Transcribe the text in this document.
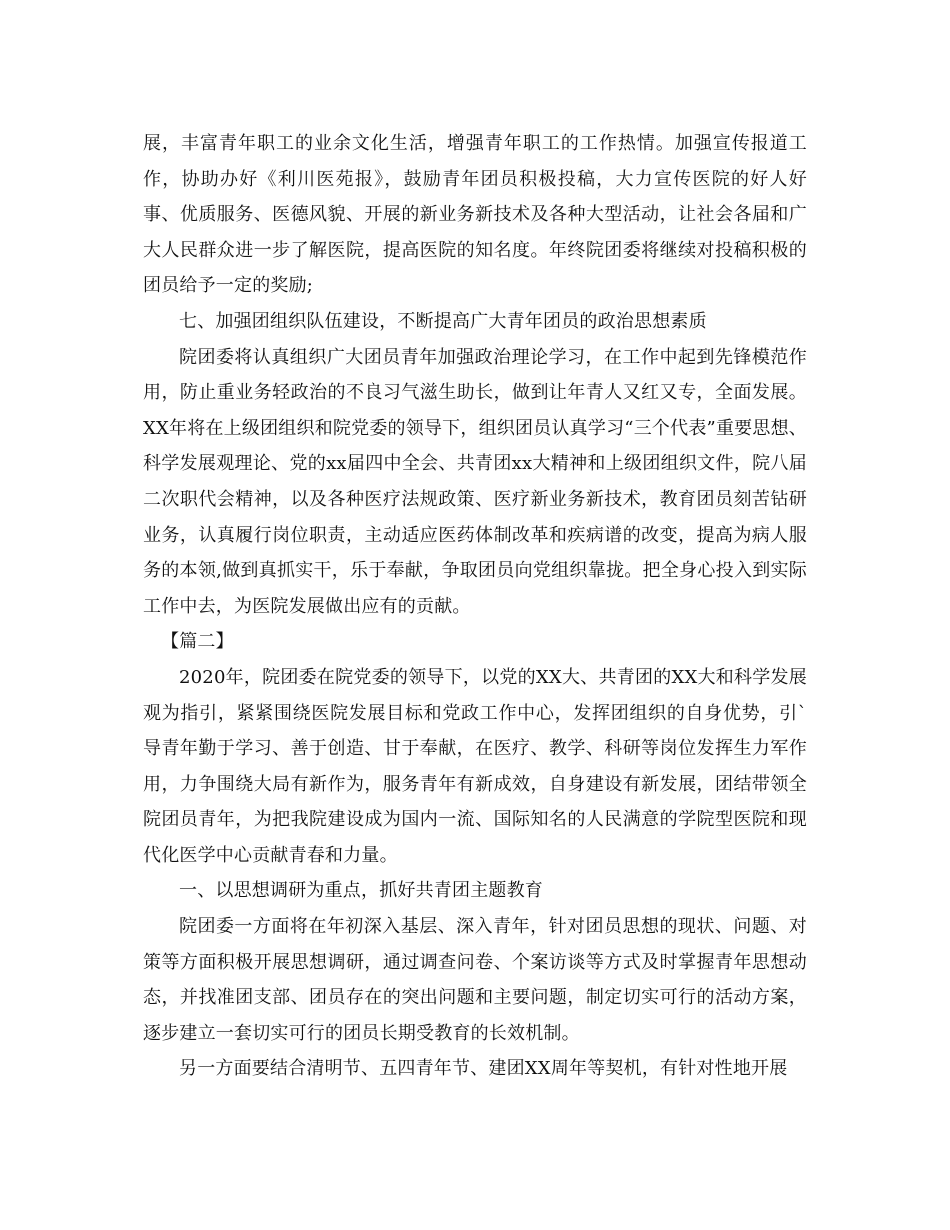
展，丰富青年职工的业余文化生活，增强青年职工的工作热情。加强宣传报道工作，协助办好《利川医苑报》，鼓励青年团员积极投稿，大力宣传医院的好人好事、优质服务、医德风貌、开展的新业务新技术及各种大型活动，让社会各届和广大人民群众进一步了解医院，提高医院的知名度。年终院团委将继续对投稿积极的团员给予一定的奖励;

七、加强团组织队伍建设，不断提高广大青年团员的政治思想素质

院团委将认真组织广大团员青年加强政治理论学习，在工作中起到先锋模范作用，防止重业务轻政治的不良习气滋生助长，做到让年青人又红又专，全面发展。XX年将在上级团组织和院党委的领导下，组织团员认真学习“三个代表”重要思想、科学发展观理论、党的xx届四中全会、共青团xx大精神和上级团组织文件，院八届二次职代会精神，以及各种医疗法规政策、医疗新业务新技术，教育团员刻苦钻研业务，认真履行岗位职责，主动适应医药体制改革和疾病谱的改变，提高为病人服务的本领,做到真抓实干，乐于奉献，争取团员向党组织靠拢。把全身心投入到实际工作中去，为医院发展做出应有的贡献。

【篇二】

2020年，院团委在院党委的领导下，以党的XX大、共青团的XX大和科学发展观为指引，紧紧围绕医院发展目标和党政工作中心，发挥团组织的自身优势，引`导青年勤于学习、善于创造、甘于奉献，在医疗、教学、科研等岗位发挥生力军作用，力争围绕大局有新作为，服务青年有新成效，自身建设有新发展，团结带领全院团员青年，为把我院建设成为国内一流、国际知名的人民满意的学院型医院和现代化医学中心贡献青春和力量。

一、以思想调研为重点，抓好共青团主题教育

院团委一方面将在年初深入基层、深入青年，针对团员思想的现状、问题、对策等方面积极开展思想调研，通过调查问卷、个案访谈等方式及时掌握青年思想动态，并找准团支部、团员存在的突出问题和主要问题，制定切实可行的活动方案，逐步建立一套切实可行的团员长期受教育的长效机制。

另一方面要结合清明节、五四青年节、建团XX周年等契机，有针对性地开展
